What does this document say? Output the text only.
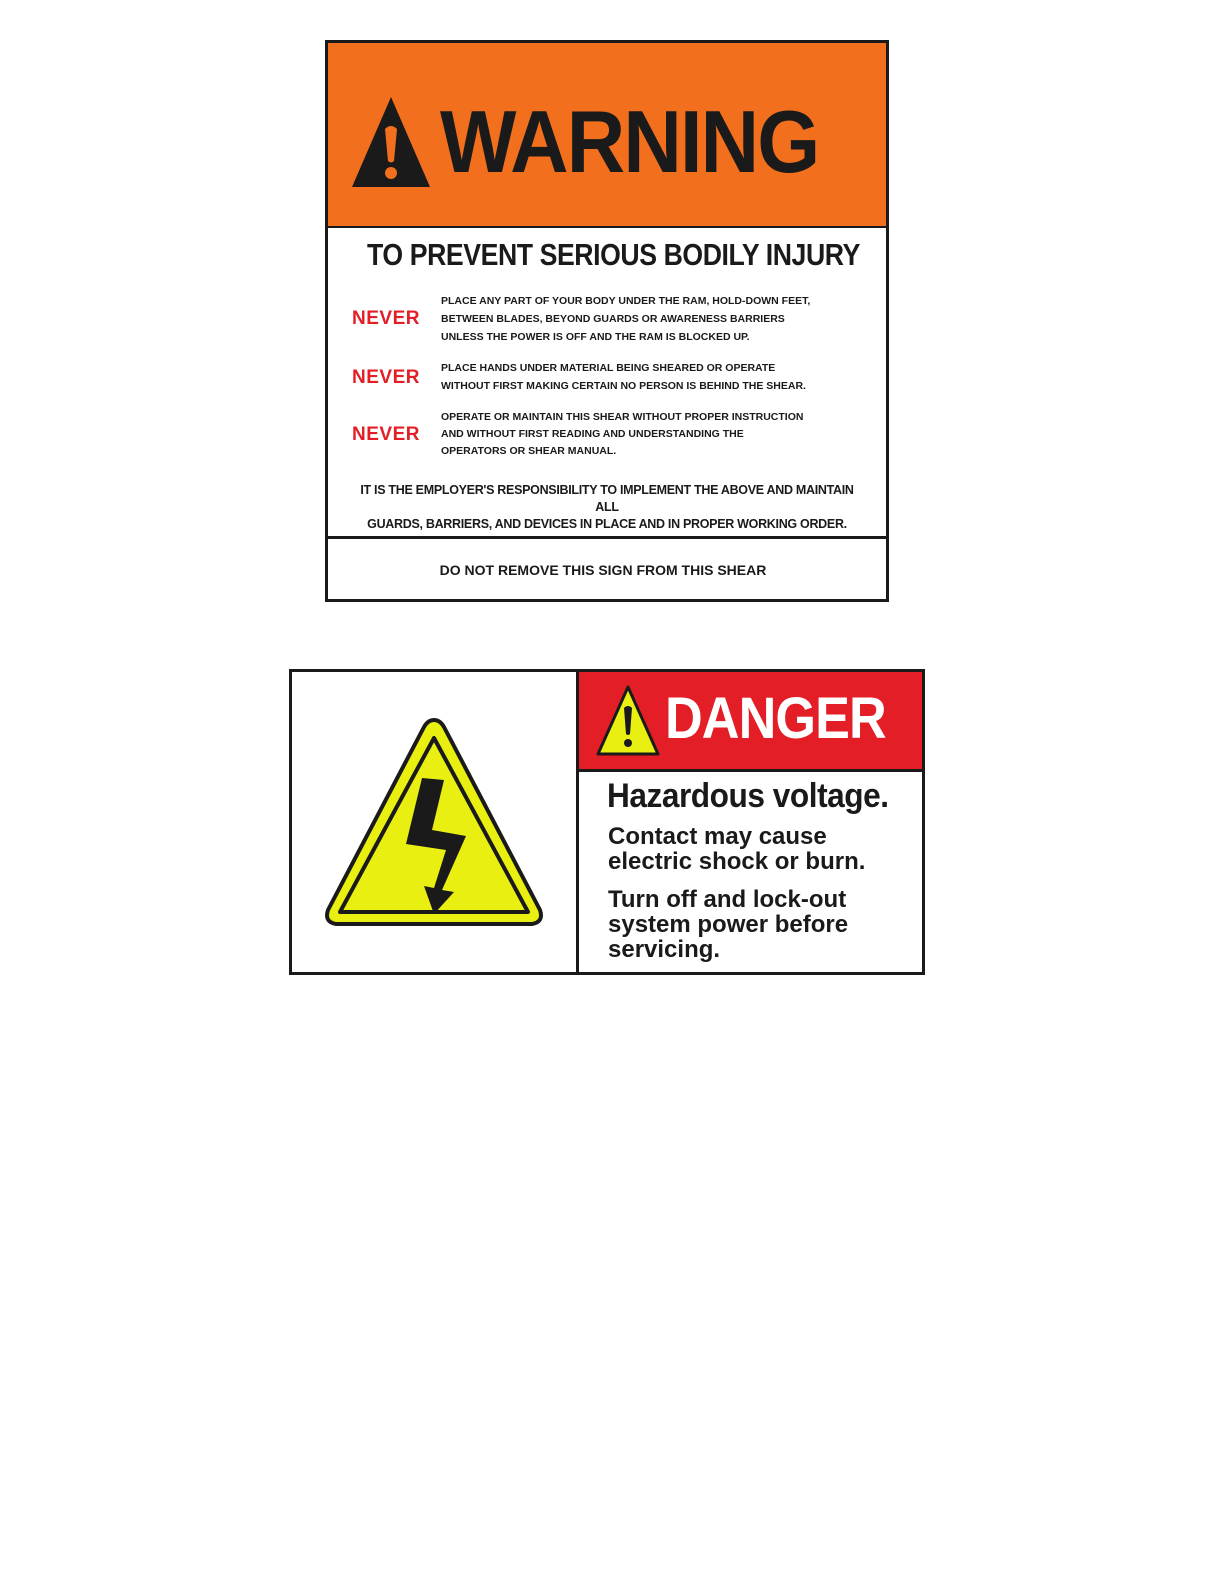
WARNING
TO PREVENT SERIOUS BODILY INJURY
NEVER
PLACE ANY PART OF YOUR BODY UNDER THE RAM, HOLD-DOWN FEET,
BETWEEN BLADES, BEYOND GUARDS OR AWARENESS BARRIERS
UNLESS THE POWER IS OFF AND THE RAM IS BLOCKED UP.
NEVER PLACE HANDS UNDER MATERIAL BEING SHEARED OR OPERATE
WITHOUT FIRST MAKING CERTAIN NO PERSON IS BEHIND THE SHEAR.
NEVER
OPERATE OR MAINTAIN THIS SHEAR WITHOUT PROPER INSTRUCTION
AND WITHOUT FIRST READING AND UNDERSTANDING THE
OPERATORS OR SHEAR MANUAL.
IT IS THE EMPLOYER'S RESPONSIBILITY TO IMPLEMENT THE ABOVE AND MAINTAIN ALL
GUARDS, BARRIERS, AND DEVICES IN PLACE AND IN PROPER WORKING ORDER.
DO NOT REMOVE THIS SIGN FROM THIS SHEAR
DANGER
Hazardous voltage.
Contact may cause
electric shock or burn.
Turn off and lock-out
system power before
servicing.
